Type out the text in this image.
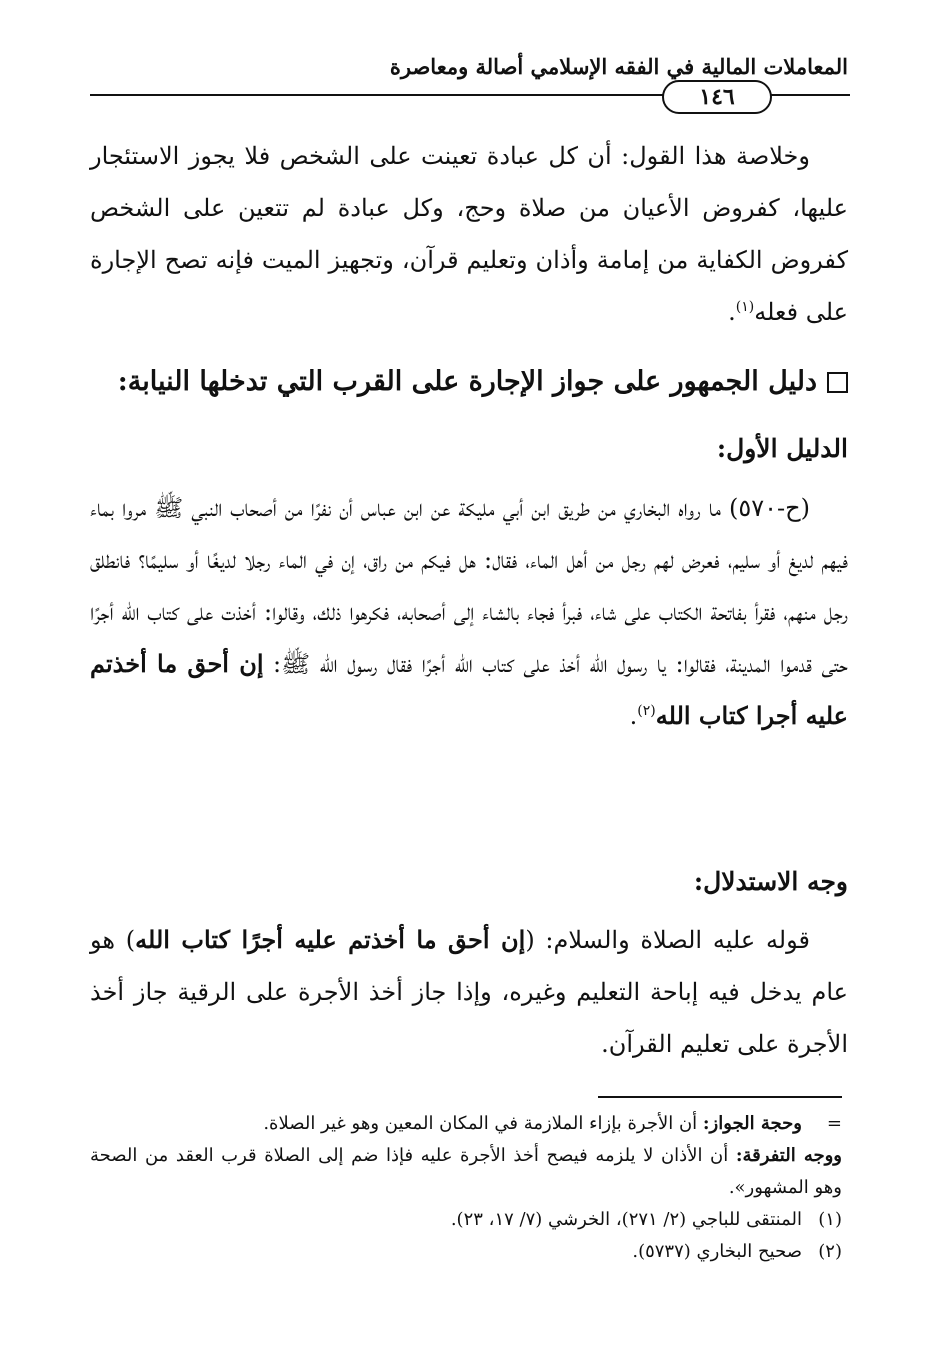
المعاملات المالية في الفقه الإسلامي أصالة ومعاصرة
١٤٦

وخلاصة هذا القول: أن كل عبادة تعينت على الشخص فلا يجوز الاستئجار عليها، كفروض الأعيان من صلاة وحج، وكل عبادة لم تتعين على الشخص كفروض الكفاية من إمامة وأذان وتعليم قرآن، وتجهيز الميت فإنه تصح الإجارة على فعله$^{(١)}$.

دليل الجمهور على جواز الإجارة على القرب التي تدخلها النيابة:
الدليل الأول:

(ح-٥٧٠) ما رواه البخاري من طريق ابن أبي مليكة عن ابن عباس أن نفرًا من أصحاب النبي ﷺ مروا بماء فيهم لديغ أو سليم، فعرض لهم رجل من أهل الماء، فقال: هل فيكم من راق، إن في الماء رجلا لديغًا أو سليمًا؟ فانطلق رجل منهم، فقرأ بفاتحة الكتاب على شاء، فبرأ فجاء بالشاء إلى أصحابه، فكرهوا ذلك، وقالوا: أخذت على كتاب الله أجرًا حتى قدموا المدينة، فقالوا: يا رسول الله أخذ على كتاب الله أجرًا فقال رسول الله ﷺ: إن أحق ما أخذتم عليه أجرا كتاب الله$^{(٢)}$.

وجه الاستدلال:

قوله عليه الصلاة والسلام: (إن أحق ما أخذتم عليه أجرًا كتاب الله) هو عام يدخل فيه إباحة التعليم وغيره، وإذا جاز أخذ الأجرة على الرقية جاز أخذ الأجرة على تعليم القرآن.

=وحجة الجواز: أن الأجرة بإزاء الملازمة في المكان المعين وهو غير الصلاة.

ووجه التفرقة: أن الأذان لا يلزمه فيصح أخذ الأجرة عليه فإذا ضم إلى الصلاة قرب العقد من الصحة وهو المشهور».

(١)المنتقى للباجي (٢/ ٢٧١)، الخرشي (٧/ ١٧، ٢٣).

(٢)صحيح البخاري (٥٧٣٧).
